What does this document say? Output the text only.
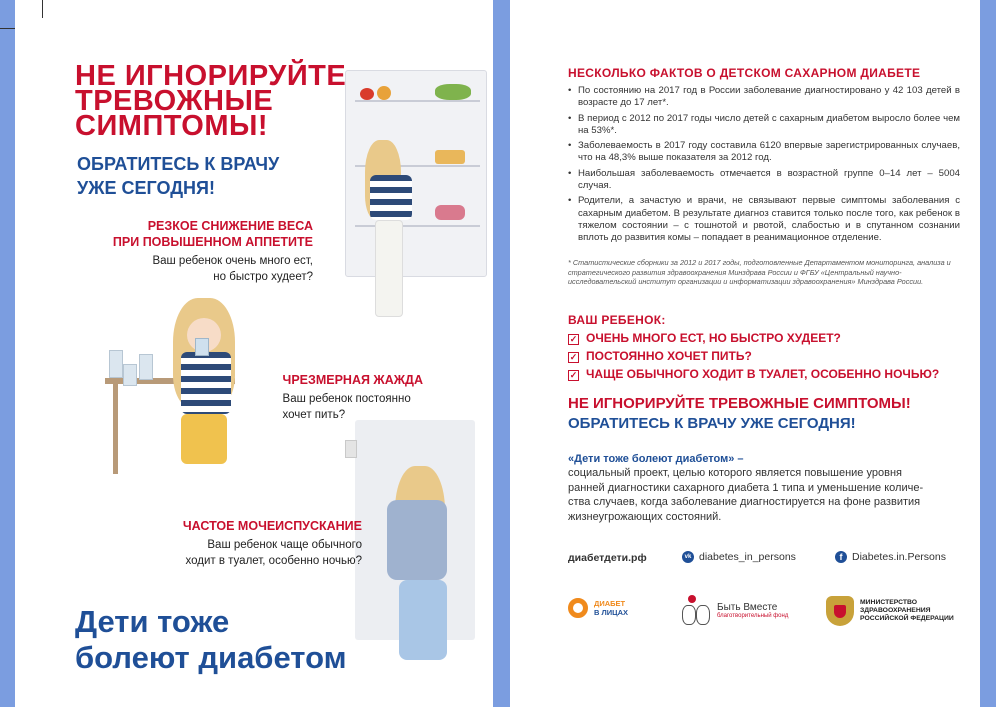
НЕ ИГНОРИРУЙТЕ
ТРЕВОЖНЫЕ
СИМПТОМЫ!
ОБРАТИТЕСЬ К ВРАЧУ
УЖЕ СЕГОДНЯ!
РЕЗКОЕ СНИЖЕНИЕ ВЕСА
ПРИ ПОВЫШЕННОМ АППЕТИТЕ
Ваш ребенок очень много ест,
но быстро худеет?
ЧРЕЗМЕРНАЯ ЖАЖДА
Ваш ребенок постоянно
хочет пить?
ЧАСТОЕ МОЧЕИСПУСКАНИЕ
Ваш ребенок чаще обычного
ходит в туалет, особенно ночью?
Дети тоже
болеют диабетом
НЕСКОЛЬКО ФАКТОВ О ДЕТСКОМ САХАРНОМ ДИАБЕТЕ
• По состоянию на 2017 год в России заболевание диагностировано у 42 103 детей в возрасте до 17 лет*.
• В период с 2012 по 2017 годы число детей с сахарным диабетом выросло более чем на 53%*.
• Заболеваемость в 2017 году составила 6120 впервые зарегистрированных случаев, что на 48,3% выше показателя за 2012 год.
• Наибольшая заболеваемость отмечается в возрастной группе 0–14 лет – 5004 случая.
• Родители, а зачастую и врачи, не связывают первые симптомы заболевания с сахарным диабетом. В результате диагноз ставится только после того, как ребенок в тяжелом состоянии – с тошнотой и рвотой, слабостью и в спутанном сознании вплоть до развития комы – попадает в реанимационное отделение.
* Статистические сборники за 2012 и 2017 годы, подготовленные Департаментом мониторинга, анализа и стратегического развития здравоохранения Минздрава России и ФГБУ «Центральный научно-исследовательский институт организации и информатизации здравоохранения» Минздрава России.
ВАШ РЕБЕНОК:
✓ ОЧЕНЬ МНОГО ЕСТ, НО БЫСТРО ХУДЕЕТ?
✓ ПОСТОЯННО ХОЧЕТ ПИТЬ?
✓ ЧАЩЕ ОБЫЧНОГО ХОДИТ В ТУАЛЕТ, ОСОБЕННО НОЧЬЮ?
НЕ ИГНОРИРУЙТЕ ТРЕВОЖНЫЕ СИМПТОМЫ!
ОБРАТИТЕСЬ К ВРАЧУ УЖЕ СЕГОДНЯ!
«Дети тоже болеют диабетом» –
социальный проект, целью которого является повышение уровня
ранней диагностики сахарного диабета 1 типа и уменьшение количе-
ства случаев, когда заболевание диагностируется на фоне развития
жизнеугрожающих состояний.
диабетдети.рф	vk diabetes_in_persons	f Diabetes.in.Persons
ДИАБЕТ
В ЛИЦАХ	Быть Вместе
благотворительный фонд
МИНИСТЕРСТВО
ЗДРАВООХРАНЕНИЯ
РОССИЙСКОЙ ФЕДЕРАЦИИ
